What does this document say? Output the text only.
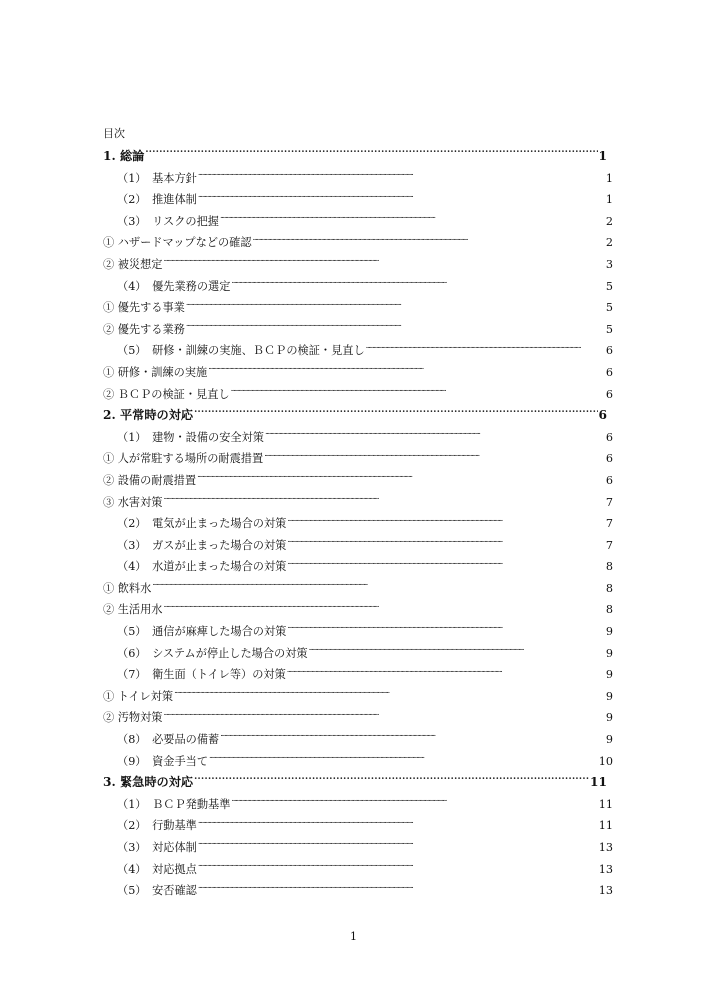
目次
1. 総論 . . .	1
（1）　基本方針 . . .	1
（2）　推進体制 . . .	1
（3）　リスクの把握 . . .	2
① ハザードマップなどの確認 . . .	2
② 被災想定 . . .	3
（4）　優先業務の選定 . . .	5
① 優先する事業 . . .	5
② 優先する業務 . . .	5
（5）　研修・訓練の実施、ＢＣＰの検証・見直し . . .	6
① 研修・訓練の実施 . . .	6
② ＢＣＰの検証・見直し . . .	6
2. 平常時の対応 . . .	6
（1）　建物・設備の安全対策 . . .	6
① 人が常駐する場所の耐震措置 . . .	6
② 設備の耐震措置 . . .	6
③ 水害対策 . . .	7
（2）　電気が止まった場合の対策 . . .	7
（3）　ガスが止まった場合の対策 . . .	7
（4）　水道が止まった場合の対策 . . .	8
① 飲料水 . . .	8
② 生活用水 . . .	8
（5）　通信が麻痺した場合の対策 . . .	9
（6）　システムが停止した場合の対策 . . .	9
（7）　衛生面（トイレ等）の対策 . . .	9
① トイレ対策 . . .	9
② 汚物対策 . . .	9
（8）　必要品の備蓄 . . .	9
（9）　資金手当て . . .	10
3. 緊急時の対応 . . .	11
（1）　ＢＣＰ発動基準 . . .	11
（2）　行動基準 . . .	11
（3）　対応体制 . . .	13
（4）　対応拠点 . . .	13
（5）　安否確認 . . .	13
1
